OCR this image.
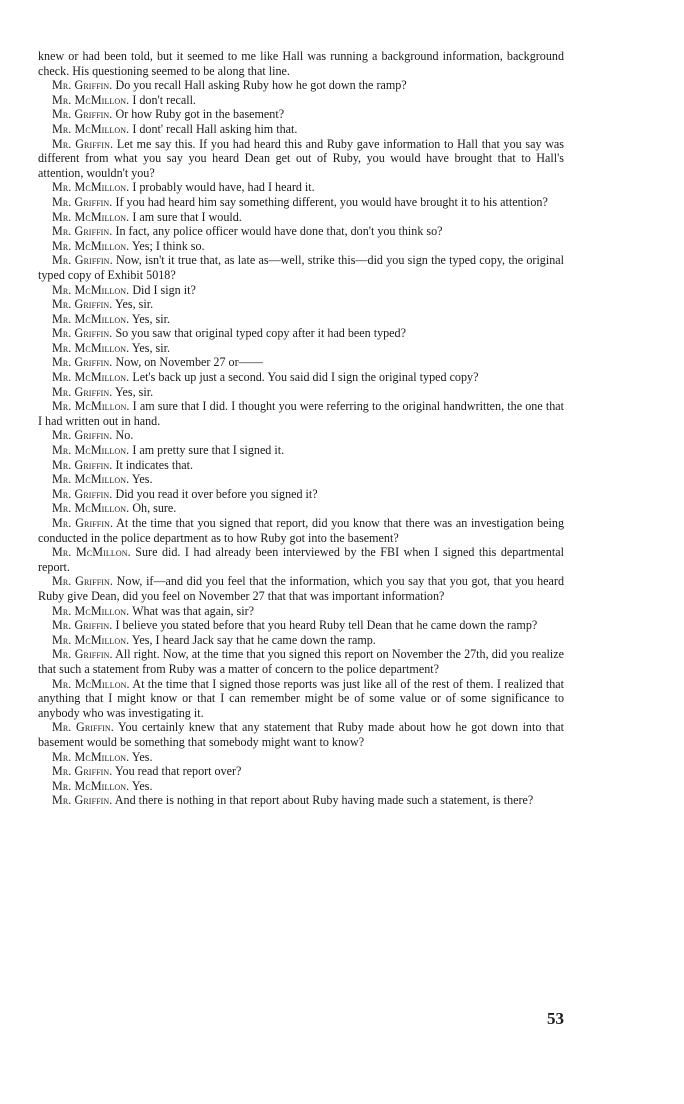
knew or had been told, but it seemed to me like Hall was running a background information, background check. His questioning seemed to be along that line.

Mr. Griffin. Do you recall Hall asking Ruby how he got down the ramp?

Mr. McMillon. I don't recall.

Mr. Griffin. Or how Ruby got in the basement?

Mr. McMillon. I dont' recall Hall asking him that.

Mr. Griffin. Let me say this. If you had heard this and Ruby gave information to Hall that you say was different from what you say you heard Dean get out of Ruby, you would have brought that to Hall's attention, wouldn't you?

Mr. McMillon. I probably would have, had I heard it.

Mr. Griffin. If you had heard him say something different, you would have brought it to his attention?

Mr. McMillon. I am sure that I would.

Mr. Griffin. In fact, any police officer would have done that, don't you think so?

Mr. McMillon. Yes; I think so.

Mr. Griffin. Now, isn't it true that, as late as—well, strike this—did you sign the typed copy, the original typed copy of Exhibit 5018?

Mr. McMillon. Did I sign it?

Mr. Griffin. Yes, sir.

Mr. McMillon. Yes, sir.

Mr. Griffin. So you saw that original typed copy after it had been typed?

Mr. McMillon. Yes, sir.

Mr. Griffin. Now, on November 27 or——

Mr. McMillon. Let's back up just a second. You said did I sign the original typed copy?

Mr. Griffin. Yes, sir.

Mr. McMillon. I am sure that I did. I thought you were referring to the original handwritten, the one that I had written out in hand.

Mr. Griffin. No.

Mr. McMillon. I am pretty sure that I signed it.

Mr. Griffin. It indicates that.

Mr. McMillon. Yes.

Mr. Griffin. Did you read it over before you signed it?

Mr. McMillon. Oh, sure.

Mr. Griffin. At the time that you signed that report, did you know that there was an investigation being conducted in the police department as to how Ruby got into the basement?

Mr. McMillon. Sure did. I had already been interviewed by the FBI when I signed this departmental report.

Mr. Griffin. Now, if—and did you feel that the information, which you say that you got, that you heard Ruby give Dean, did you feel on November 27 that that was important information?

Mr. McMillon. What was that again, sir?

Mr. Griffin. I believe you stated before that you heard Ruby tell Dean that he came down the ramp?

Mr. McMillon. Yes, I heard Jack say that he came down the ramp.

Mr. Griffin. All right. Now, at the time that you signed this report on November the 27th, did you realize that such a statement from Ruby was a matter of concern to the police department?

Mr. McMillon. At the time that I signed those reports was just like all of the rest of them. I realized that anything that I might know or that I can remember might be of some value or of some significance to anybody who was investigating it.

Mr. Griffin. You certainly knew that any statement that Ruby made about how he got down into that basement would be something that somebody might want to know?

Mr. McMillon. Yes.

Mr. Griffin. You read that report over?

Mr. McMillon. Yes.

Mr. Griffin. And there is nothing in that report about Ruby having made such a statement, is there?

53
